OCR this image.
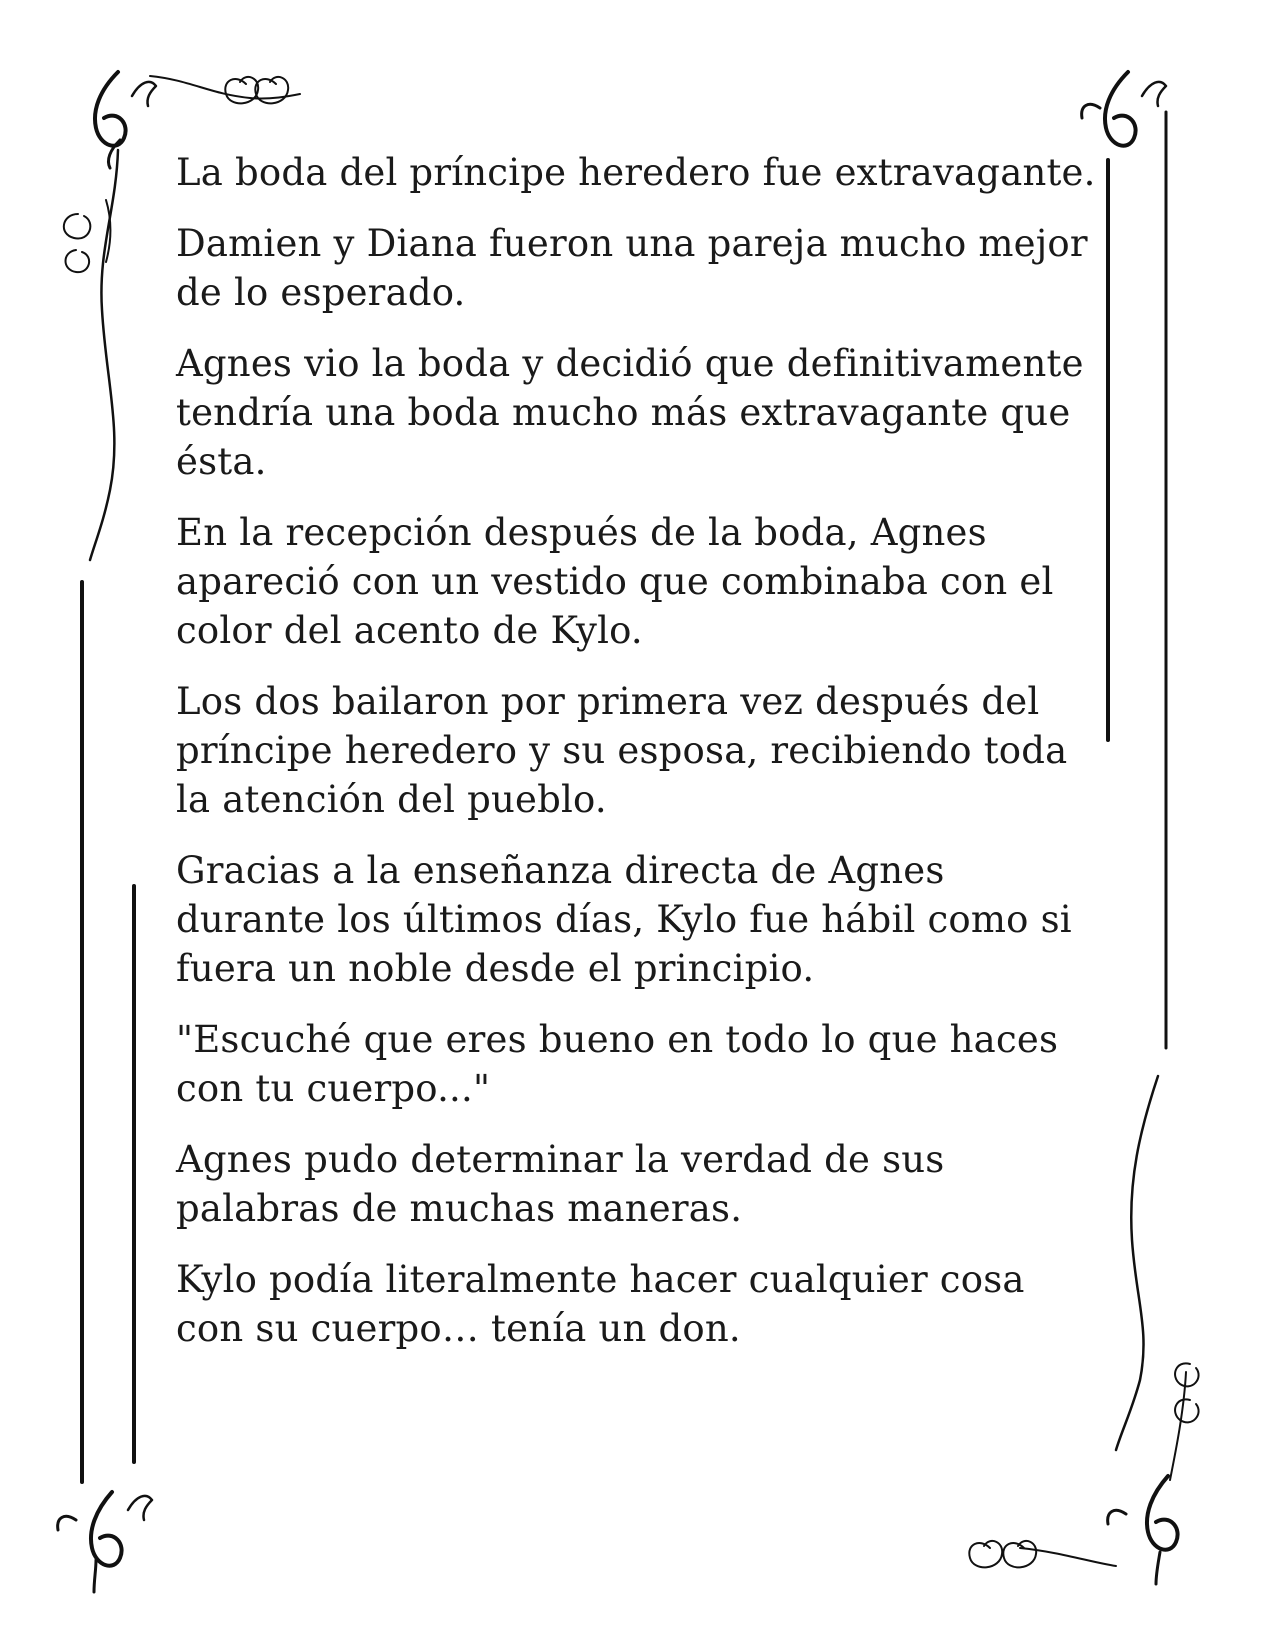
La boda del príncipe heredero fue extravagante.

Damien y Diana fueron una pareja mucho mejor de lo esperado.

Agnes vio la boda y decidió que definitivamente tendría una boda mucho más extravagante que ésta.

En la recepción después de la boda, Agnes apareció con un vestido que combinaba con el color del acento de Kylo.

Los dos bailaron por primera vez después del príncipe heredero y su esposa, recibiendo toda la atención del pueblo.

Gracias a la enseñanza directa de Agnes durante los últimos días, Kylo fue hábil como si fuera un noble desde el principio.

"Escuché que eres bueno en todo lo que haces con tu cuerpo..."

Agnes pudo determinar la verdad de sus palabras de muchas maneras.

Kylo podía literalmente hacer cualquier cosa con su cuerpo… tenía un don.
